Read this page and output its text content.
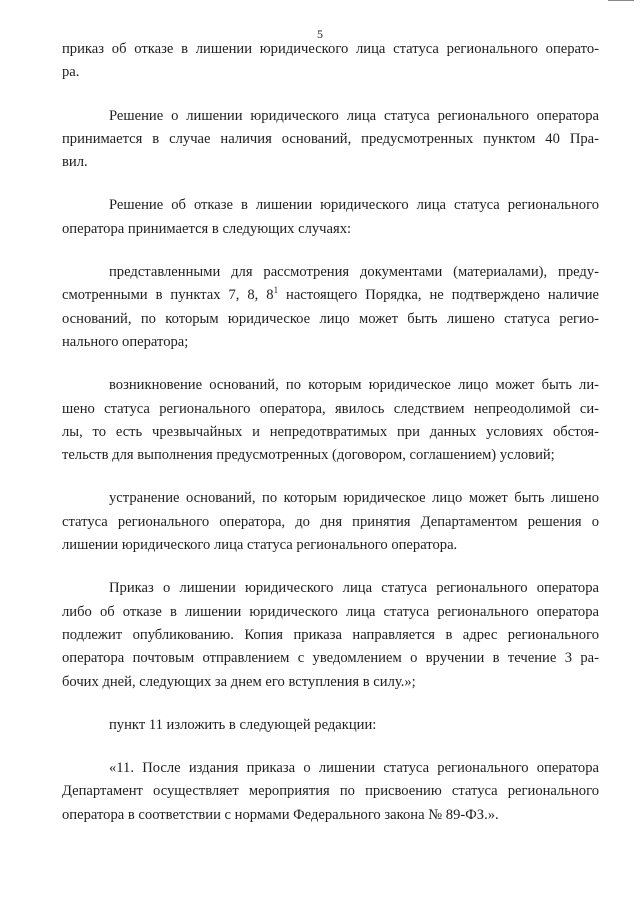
5

приказ об отказе в лишении юридического лица статуса регионального операто-
ра.

Решение о лишении юридического лица статуса регионального оператора
принимается в случае наличия оснований, предусмотренных пунктом 40 Пра-
вил.

Решение об отказе в лишении юридического лица статуса регионального
оператора принимается в следующих случаях:

представленными для рассмотрения документами (материалами), преду-
смотренными в пунктах 7, 8, $8^1$ настоящего Порядка, не подтверждено наличие
оснований, по которым юридическое лицо может быть лишено статуса регио-
нального оператора;

возникновение оснований, по которым юридическое лицо может быть ли-
шено статуса регионального оператора, явилось следствием непреодолимой си-
лы, то есть чрезвычайных и непредотвратимых при данных условиях обстоя-
тельств для выполнения предусмотренных (договором, соглашением) условий;

устранение оснований, по которым юридическое лицо может быть лишено
статуса регионального оператора, до дня принятия Департаментом решения о
лишении юридического лица статуса регионального оператора.

Приказ о лишении юридического лица статуса регионального оператора
либо об отказе в лишении юридического лица статуса регионального оператора
подлежит опубликованию. Копия приказа направляется в адрес регионального
оператора почтовым отправлением с уведомлением о вручении в течение 3 ра-
бочих дней, следующих за днем его вступления в силу.»;

пункт 11 изложить в следующей редакции:

«11. После издания приказа о лишении статуса регионального оператора
Департамент осуществляет мероприятия по присвоению статуса регионального
оператора в соответствии с нормами Федерального закона № 89-ФЗ.».
